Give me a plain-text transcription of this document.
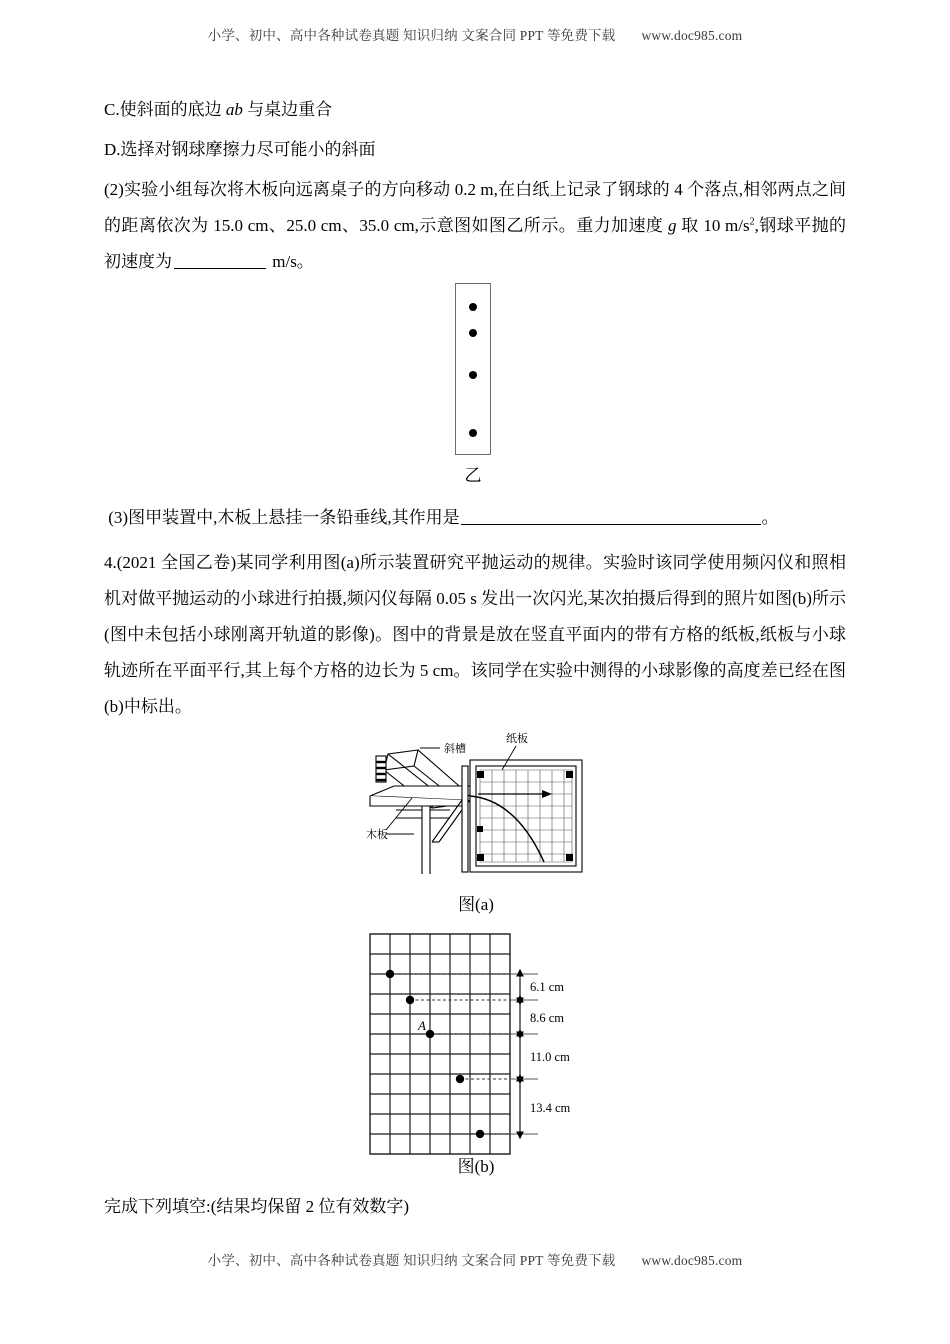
小学、初中、高中各种试卷真题 知识归纳 文案合同 PPT 等免费下载 www.doc985.com

C.使斜面的底边 ab 与桌边重合

D.选择对钢球摩擦力尽可能小的斜面

(2)实验小组每次将木板向远离桌子的方向移动 0.2 m,在白纸上记录了钢球的 4 个落点,相邻两点之间的距离依次为 15.0 cm、25.0 cm、35.0 cm,示意图如图乙所示。重力加速度 g 取 10 $m/s^2$,钢球平抛的初速度为	m/s。

乙

(3)图甲装置中,木板上悬挂一条铅垂线,其作用是	。

4.(2021 全国乙卷)某同学利用图(a)所示装置研究平抛运动的规律。实验时该同学使用频闪仪和照相机对做平抛运动的小球进行拍摄,频闪仪每隔 0.05 s 发出一次闪光,某次拍摄后得到的照片如图(b)所示(图中未包括小球刚离开轨道的影像)。图中的背景是放在竖直平面内的带有方格的纸板,纸板与小球轨迹所在平面平行,其上每个方格的边长为 5 cm。该同学在实验中测得的小球影像的高度差已经在图(b)中标出。

斜槽
纸板
木板
图(a)
A
6.1 cm
8.6 cm
11.0 cm
13.4 cm
图(b)
完成下列填空:(结果均保留 2 位有效数字)
小学、初中、高中各种试卷真题 知识归纳 文案合同 PPT 等免费下载 www.doc985.com
